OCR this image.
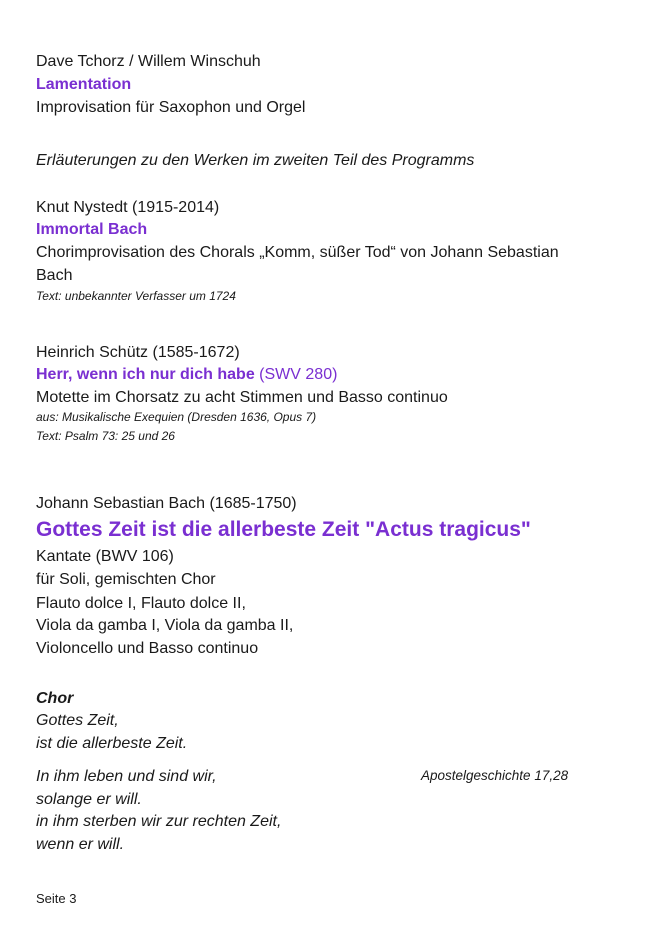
Dave Tchorz / Willem Winschuh
Lamentation
Improvisation für Saxophon und Orgel
Erläuterungen zu den Werken im zweiten Teil des Programms
Knut Nystedt (1915-2014)
Immortal Bach
Chorimprovisation des Chorals „Komm, süßer Tod“ von Johann Sebastian
Bach
Text: unbekannter Verfasser um 1724
Heinrich Schütz (1585-1672)
Herr, wenn ich nur dich habe (SWV 280)
Motette im Chorsatz zu acht Stimmen und Basso continuo
aus: Musikalische Exequien (Dresden 1636, Opus 7)
Text: Psalm 73: 25 und 26
Johann Sebastian Bach (1685-1750)
Gottes Zeit ist die allerbeste Zeit "Actus tragicus"
Kantate (BWV 106)
für Soli, gemischten Chor
Flauto dolce I, Flauto dolce II,
Viola da gamba I, Viola da gamba II,
Violoncello und Basso continuo
Chor
Gottes Zeit,
ist die allerbeste Zeit.
In ihm leben und sind wir,	Apostelgeschichte 17,28
solange er will.
in ihm sterben wir zur rechten Zeit,
wenn er will.
Seite 3
